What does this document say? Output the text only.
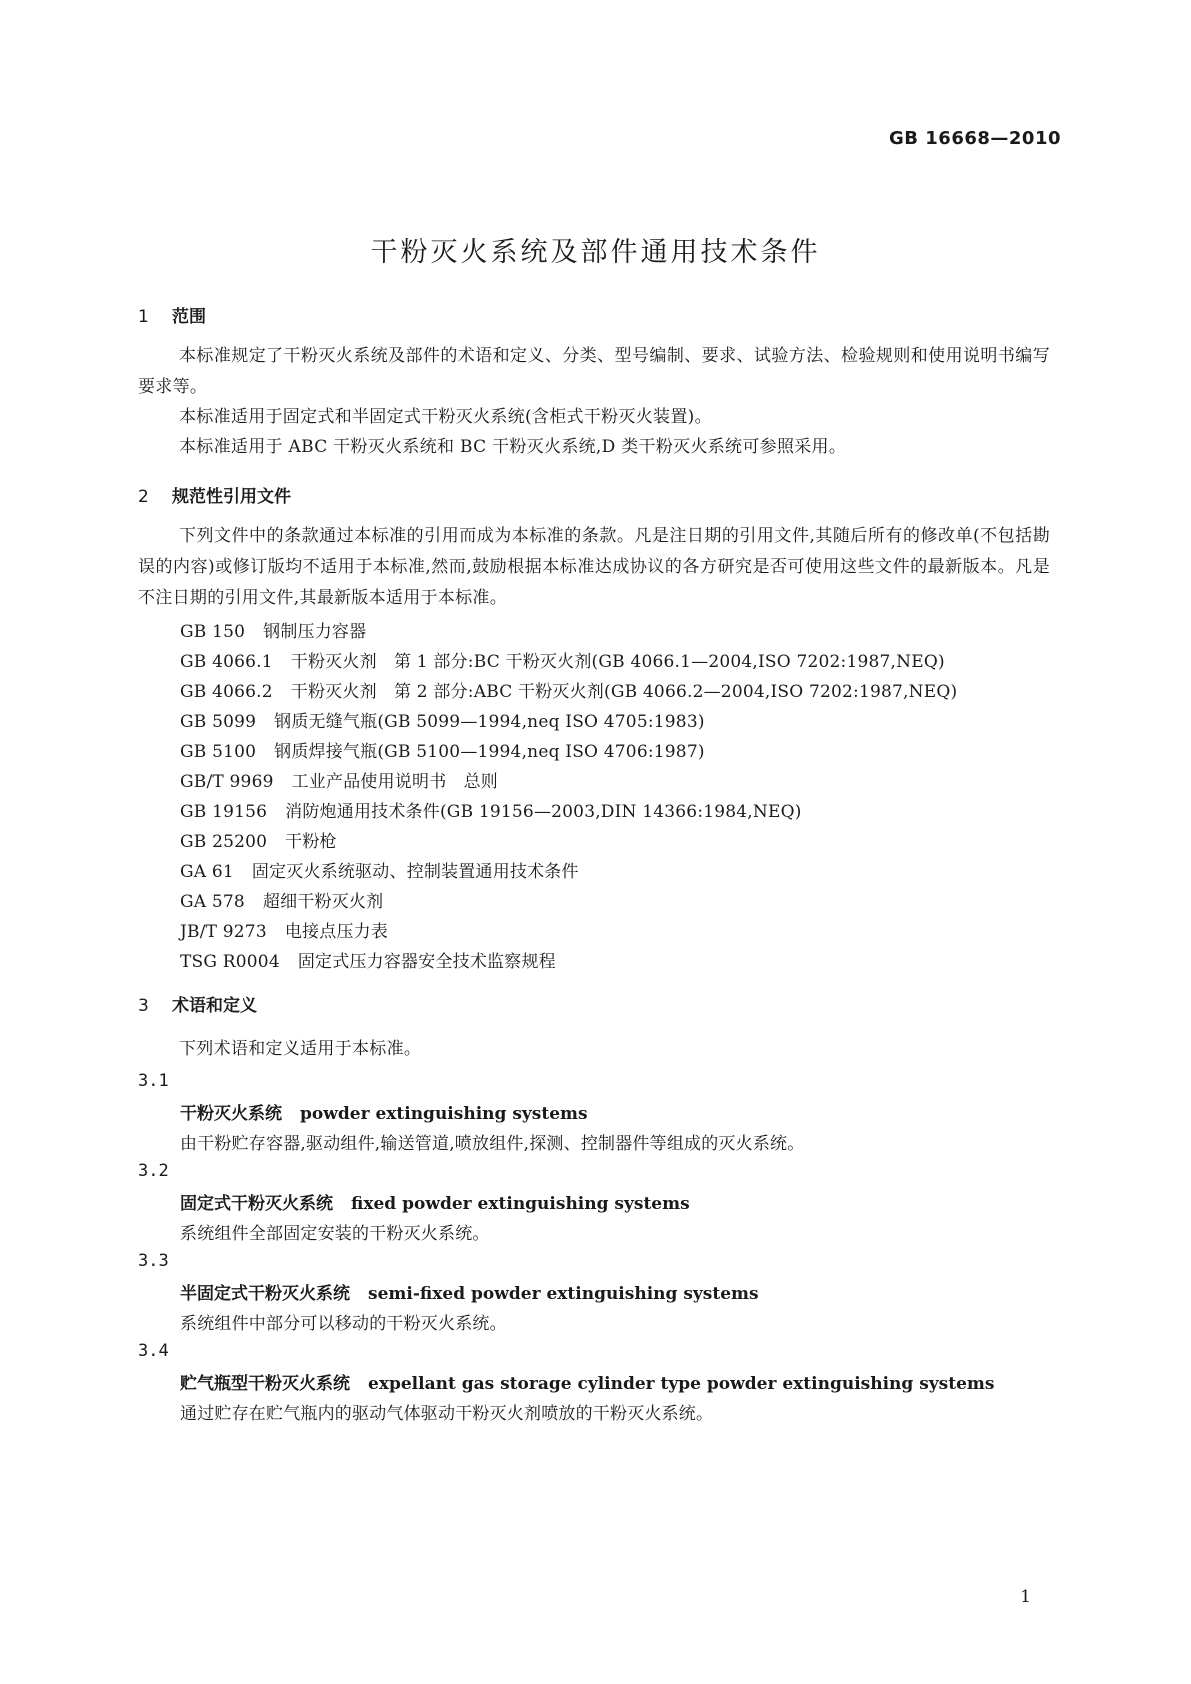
GB 16668—2010
干粉灭火系统及部件通用技术条件
1 范围
本标准规定了干粉灭火系统及部件的术语和定义、分类、型号编制、要求、试验方法、检验规则和使用说明书编写要求等。
本标准适用于固定式和半固定式干粉灭火系统(含柜式干粉灭火装置)。
本标准适用于 ABC 干粉灭火系统和 BC 干粉灭火系统,D 类干粉灭火系统可参照采用。
2 规范性引用文件
下列文件中的条款通过本标准的引用而成为本标准的条款。凡是注日期的引用文件,其随后所有的修改单(不包括勘误的内容)或修订版均不适用于本标准,然而,鼓励根据本标准达成协议的各方研究是否可使用这些文件的最新版本。凡是不注日期的引用文件,其最新版本适用于本标准。
GB 150 钢制压力容器
GB 4066.1 干粉灭火剂　第 1 部分:BC 干粉灭火剂(GB 4066.1—2004,ISO 7202:1987,NEQ)
GB 4066.2 干粉灭火剂　第 2 部分:ABC 干粉灭火剂(GB 4066.2—2004,ISO 7202:1987,NEQ)
GB 5099 钢质无缝气瓶(GB 5099—1994,neq ISO 4705:1983)
GB 5100 钢质焊接气瓶(GB 5100—1994,neq ISO 4706:1987)
GB/T 9969 工业产品使用说明书　总则
GB 19156 消防炮通用技术条件(GB 19156—2003,DIN 14366:1984,NEQ)
GB 25200 干粉枪
GA 61 固定灭火系统驱动、控制装置通用技术条件
GA 578 超细干粉灭火剂
JB/T 9273 电接点压力表
TSG R0004 固定式压力容器安全技术监察规程
3 术语和定义
下列术语和定义适用于本标准。
3.1
干粉灭火系统 powder extinguishing systems
由干粉贮存容器,驱动组件,输送管道,喷放组件,探测、控制器件等组成的灭火系统。
3.2
固定式干粉灭火系统 fixed powder extinguishing systems
系统组件全部固定安装的干粉灭火系统。
3.3
半固定式干粉灭火系统 semi-fixed powder extinguishing systems
系统组件中部分可以移动的干粉灭火系统。
3.4
贮气瓶型干粉灭火系统 expellant gas storage cylinder type powder extinguishing systems
通过贮存在贮气瓶内的驱动气体驱动干粉灭火剂喷放的干粉灭火系统。
1
